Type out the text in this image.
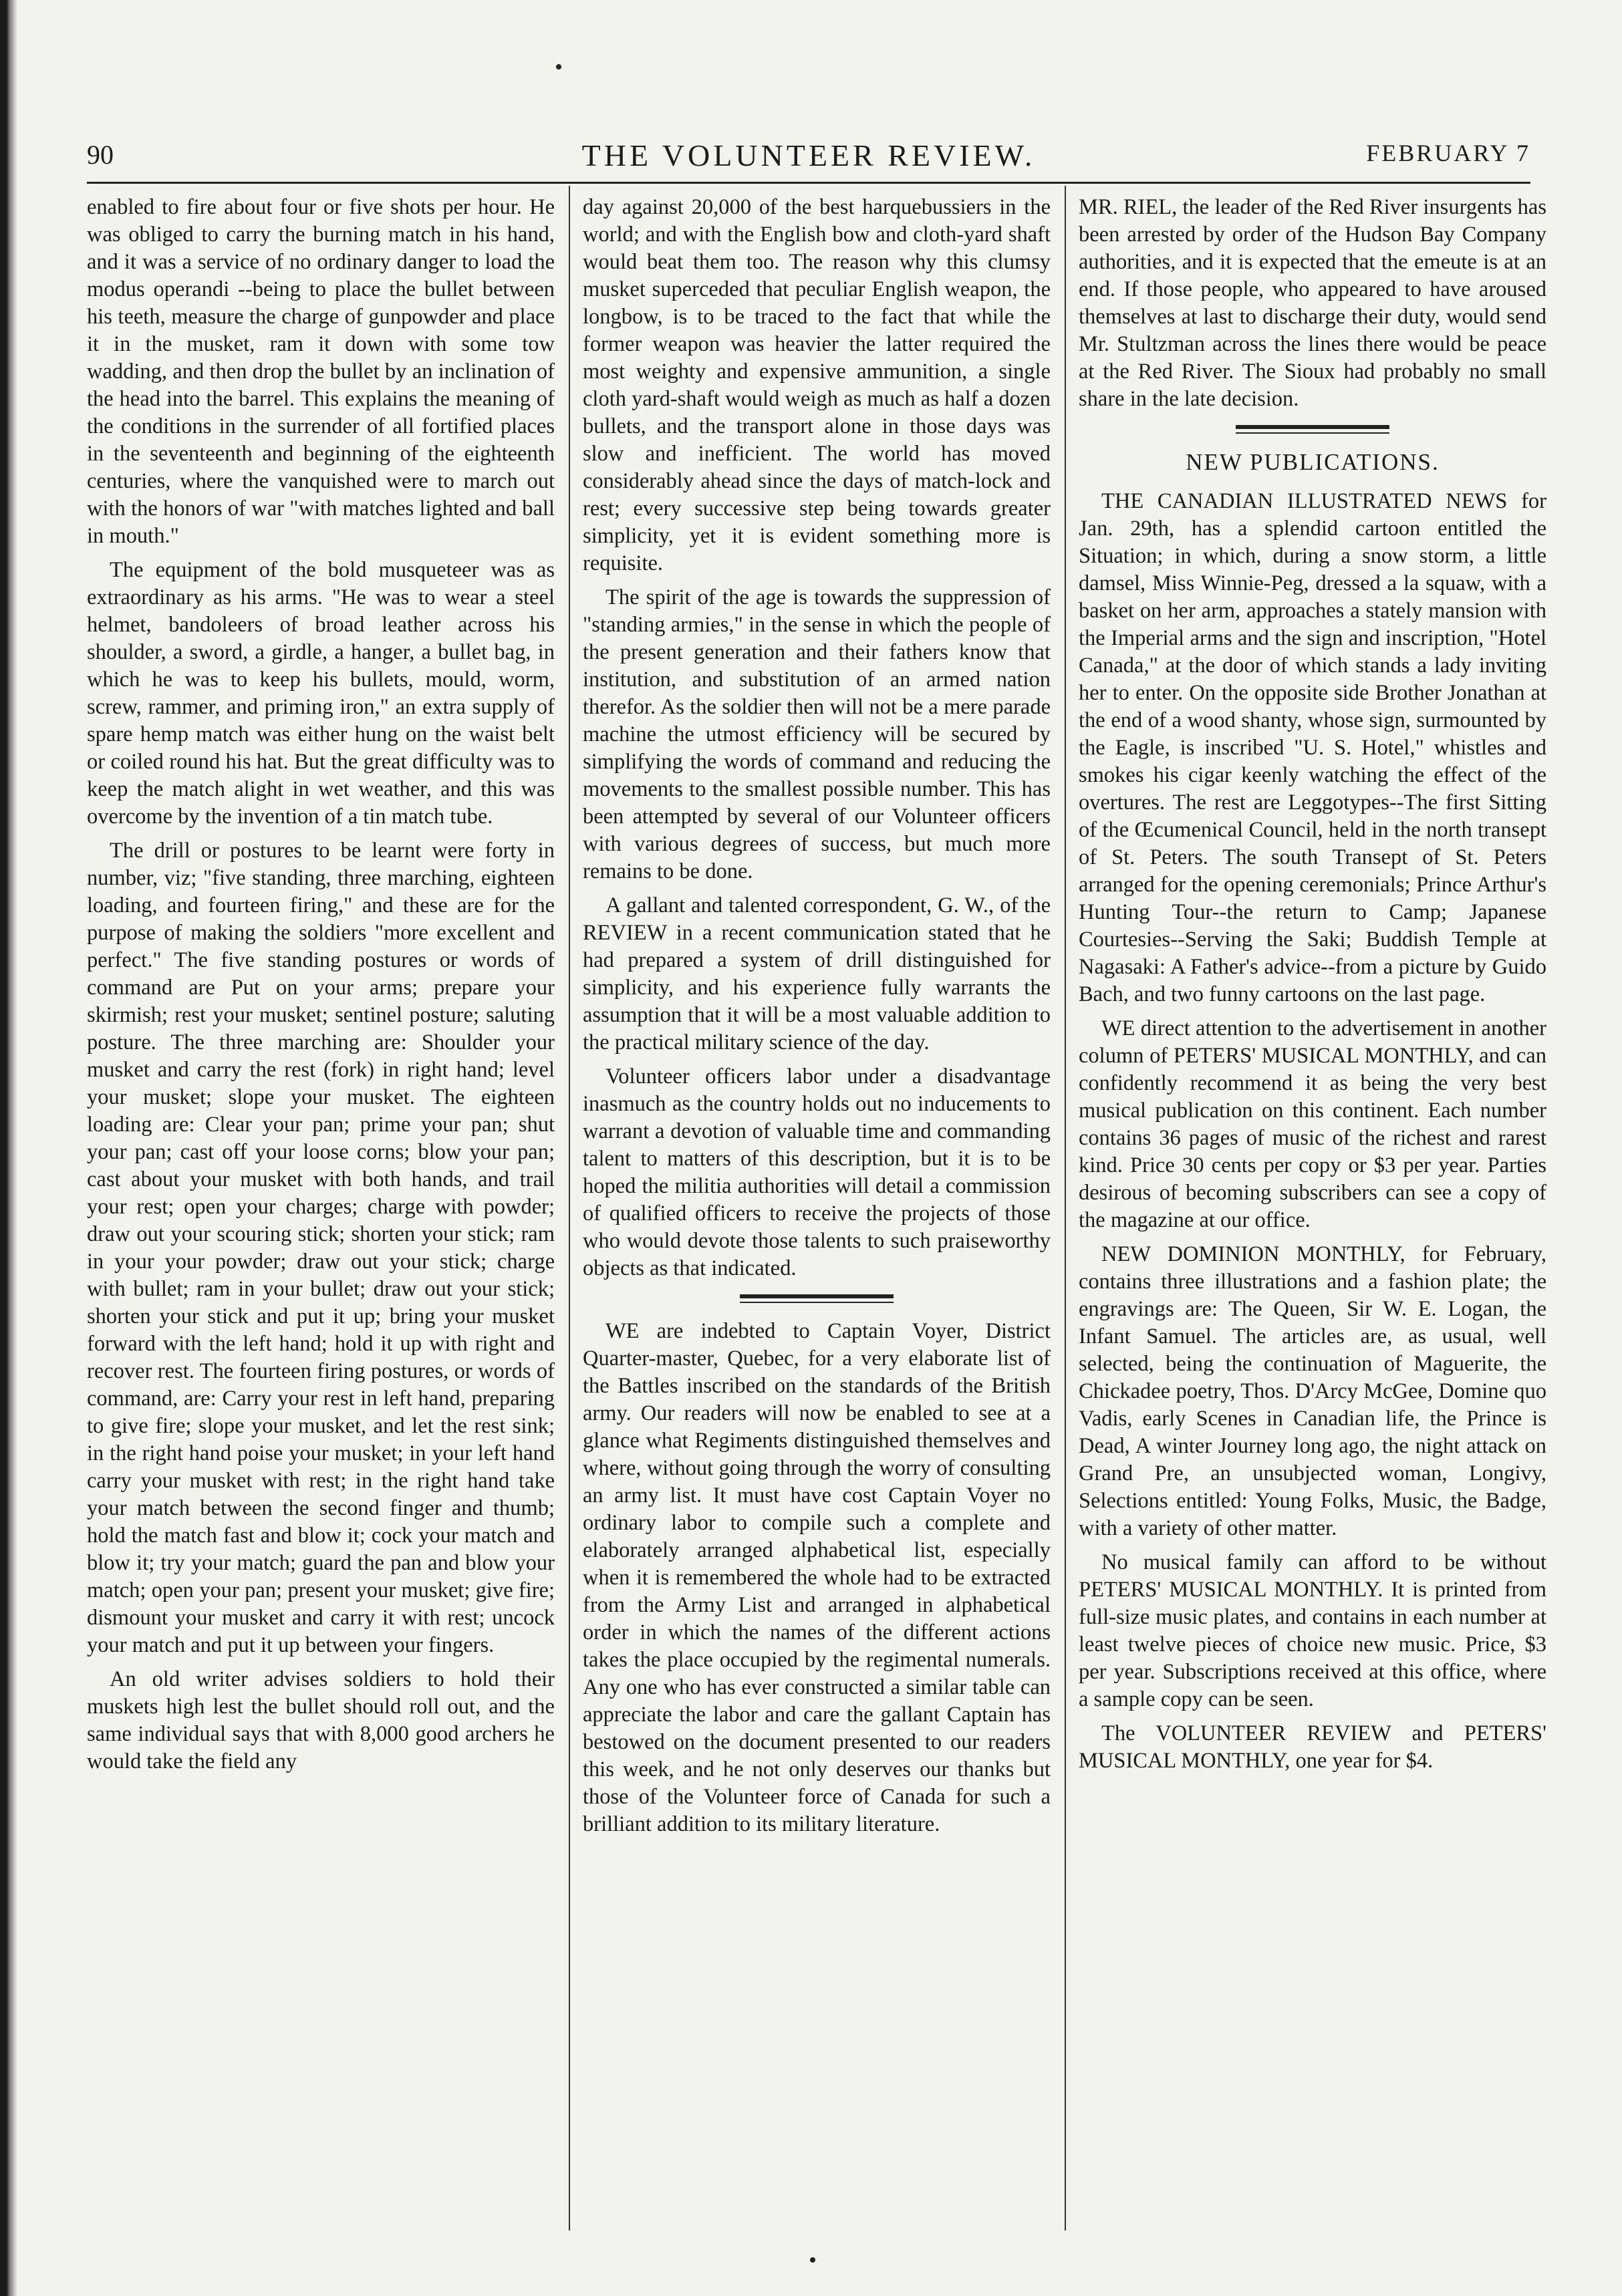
90	THE VOLUNTEER REVIEW.	FEBRUARY 7

enabled to fire about four or five shots per hour. He was obliged to carry the burning match in his hand, and it was a service of no ordinary danger to load the modus operandi --being to place the bullet between his teeth, measure the charge of gunpowder and place it in the musket, ram it down with some tow wadding, and then drop the bullet by an inclination of the head into the barrel. This explains the meaning of the conditions in the surrender of all fortified places in the seventeenth and beginning of the eighteenth centuries, where the vanquished were to march out with the honors of war "with matches lighted and ball in mouth."

The equipment of the bold musqueteer was as extraordinary as his arms. "He was to wear a steel helmet, bandoleers of broad leather across his shoulder, a sword, a girdle, a hanger, a bullet bag, in which he was to keep his bullets, mould, worm, screw, rammer, and priming iron," an extra supply of spare hemp match was either hung on the waist belt or coiled round his hat. But the great difficulty was to keep the match alight in wet weather, and this was overcome by the invention of a tin match tube.

The drill or postures to be learnt were forty in number, viz; "five standing, three marching, eighteen loading, and fourteen firing," and these are for the purpose of making the soldiers "more excellent and perfect." The five standing postures or words of command are Put on your arms; prepare your skirmish; rest your musket; sentinel posture; saluting posture. The three marching are: Shoulder your musket and carry the rest (fork) in right hand; level your musket; slope your musket. The eighteen loading are: Clear your pan; prime your pan; shut your pan; cast off your loose corns; blow your pan; cast about your musket with both hands, and trail your rest; open your charges; charge with powder; draw out your scouring stick; shorten your stick; ram in your your powder; draw out your stick; charge with bullet; ram in your bullet; draw out your stick; shorten your stick and put it up; bring your musket forward with the left hand; hold it up with right and recover rest. The fourteen firing postures, or words of command, are: Carry your rest in left hand, preparing to give fire; slope your musket, and let the rest sink; in the right hand poise your musket; in your left hand carry your musket with rest; in the right hand take your match between the second finger and thumb; hold the match fast and blow it; cock your match and blow it; try your match; guard the pan and blow your match; open your pan; present your musket; give fire; dismount your musket and carry it with rest; uncock your match and put it up between your fingers.

An old writer advises soldiers to hold their muskets high lest the bullet should roll out, and the same individual says that with 8,000 good archers he would take the field any

day against 20,000 of the best harquebussiers in the world; and with the English bow and cloth-yard shaft would beat them too. The reason why this clumsy musket superceded that peculiar English weapon, the longbow, is to be traced to the fact that while the former weapon was heavier the latter required the most weighty and expensive ammunition, a single cloth yard-shaft would weigh as much as half a dozen bullets, and the transport alone in those days was slow and inefficient. The world has moved considerably ahead since the days of match-lock and rest; every successive step being towards greater simplicity, yet it is evident something more is requisite.

The spirit of the age is towards the suppression of "standing armies," in the sense in which the people of the present generation and their fathers know that institution, and substitution of an armed nation therefor. As the soldier then will not be a mere parade machine the utmost efficiency will be secured by simplifying the words of command and reducing the movements to the smallest possible number. This has been attempted by several of our Volunteer officers with various degrees of success, but much more remains to be done.

A gallant and talented correspondent, G. W., of the REVIEW in a recent communication stated that he had prepared a system of drill distinguished for simplicity, and his experience fully warrants the assumption that it will be a most valuable addition to the practical military science of the day.

Volunteer officers labor under a disadvantage inasmuch as the country holds out no inducements to warrant a devotion of valuable time and commanding talent to matters of this description, but it is to be hoped the militia authorities will detail a commission of qualified officers to receive the projects of those who would devote those talents to such praiseworthy objects as that indicated.

WE are indebted to Captain Voyer, District Quarter-master, Quebec, for a very elaborate list of the Battles inscribed on the standards of the British army. Our readers will now be enabled to see at a glance what Regiments distinguished themselves and where, without going through the worry of consulting an army list. It must have cost Captain Voyer no ordinary labor to compile such a complete and elaborately arranged alphabetical list, especially when it is remembered the whole had to be extracted from the Army List and arranged in alphabetical order in which the names of the different actions takes the place occupied by the regimental numerals. Any one who has ever constructed a similar table can appreciate the labor and care the gallant Captain has bestowed on the document presented to our readers this week, and he not only deserves our thanks but those of the Volunteer force of Canada for such a brilliant addition to its military literature.

MR. RIEL, the leader of the Red River insurgents has been arrested by order of the Hudson Bay Company authorities, and it is expected that the emeute is at an end. If those people, who appeared to have aroused themselves at last to discharge their duty, would send Mr. Stultzman across the lines there would be peace at the Red River. The Sioux had probably no small share in the late decision.

NEW PUBLICATIONS.

THE CANADIAN ILLUSTRATED NEWS for Jan. 29th, has a splendid cartoon entitled the Situation; in which, during a snow storm, a little damsel, Miss Winnie-Peg, dressed a la squaw, with a basket on her arm, approaches a stately mansion with the Imperial arms and the sign and inscription, "Hotel Canada," at the door of which stands a lady inviting her to enter. On the opposite side Brother Jonathan at the end of a wood shanty, whose sign, surmounted by the Eagle, is inscribed "U. S. Hotel," whistles and smokes his cigar keenly watching the effect of the overtures. The rest are Leggotypes--The first Sitting of the Œcumenical Council, held in the north transept of St. Peters. The south Transept of St. Peters arranged for the opening ceremonials; Prince Arthur's Hunting Tour--the return to Camp; Japanese Courtesies--Serving the Saki; Buddish Temple at Nagasaki: A Father's advice--from a picture by Guido Bach, and two funny cartoons on the last page.

WE direct attention to the advertisement in another column of PETERS' MUSICAL MONTHLY, and can confidently recommend it as being the very best musical publication on this continent. Each number contains 36 pages of music of the richest and rarest kind. Price 30 cents per copy or $3 per year. Parties desirous of becoming subscribers can see a copy of the magazine at our office.

NEW DOMINION MONTHLY, for February, contains three illustrations and a fashion plate; the engravings are: The Queen, Sir W. E. Logan, the Infant Samuel. The articles are, as usual, well selected, being the continuation of Maguerite, the Chickadee poetry, Thos. D'Arcy McGee, Domine quo Vadis, early Scenes in Canadian life, the Prince is Dead, A winter Journey long ago, the night attack on Grand Pre, an unsubjected woman, Longivy, Selections entitled: Young Folks, Music, the Badge, with a variety of other matter.

No musical family can afford to be without PETERS' MUSICAL MONTHLY. It is printed from full-size music plates, and contains in each number at least twelve pieces of choice new music. Price, $3 per year. Subscriptions received at this office, where a sample copy can be seen.

The VOLUNTEER REVIEW and PETERS' MUSICAL MONTHLY, one year for $4.
